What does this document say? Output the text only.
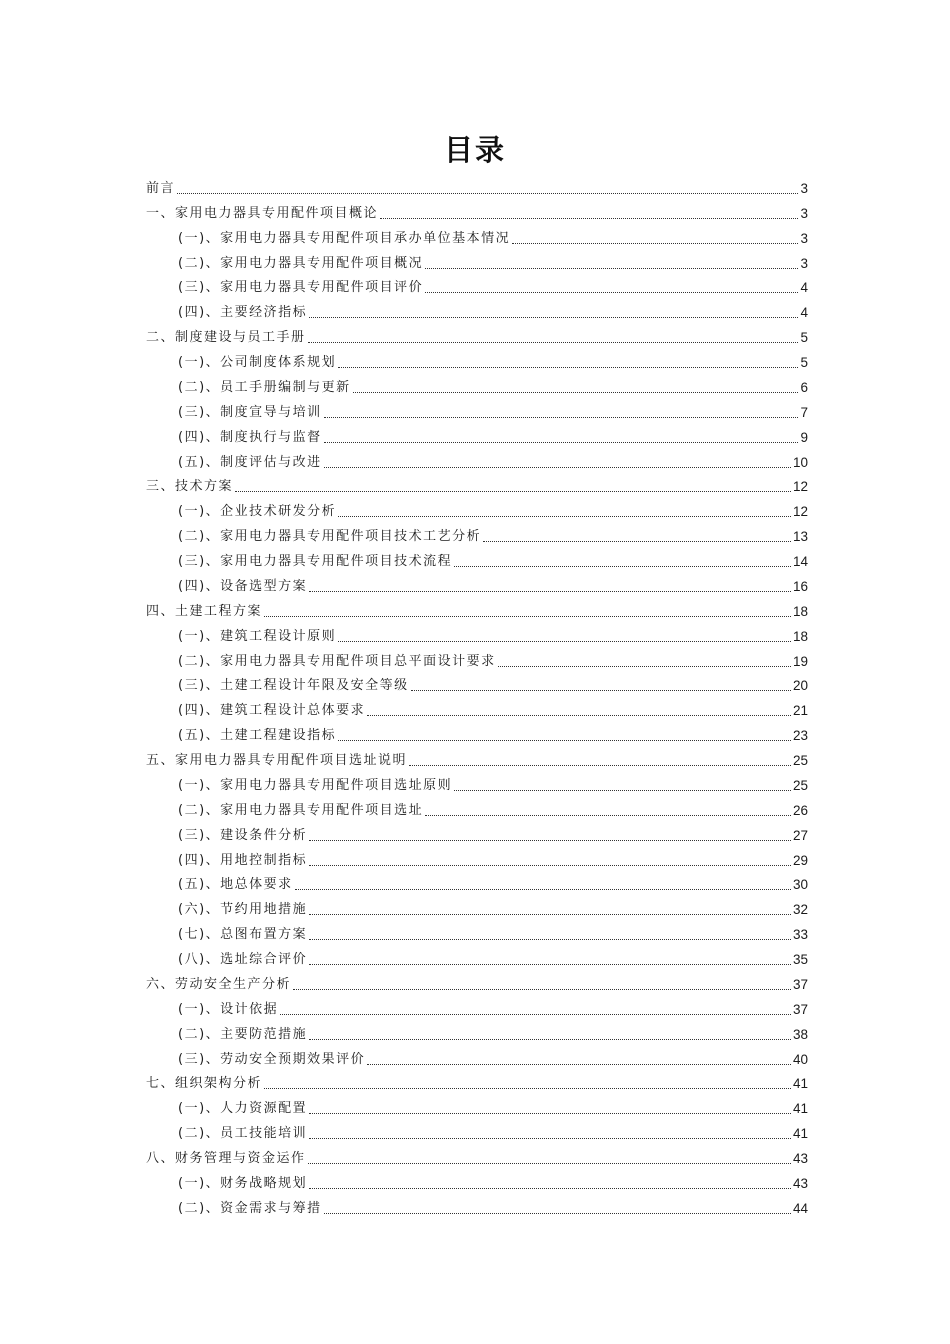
目录
前言	3
一、家用电力器具专用配件项目概论	3
(一)、家用电力器具专用配件项目承办单位基本情况	3
(二)、家用电力器具专用配件项目概况	3
(三)、家用电力器具专用配件项目评价	4
(四)、主要经济指标	4
二、制度建设与员工手册	5
(一)、公司制度体系规划	5
(二)、员工手册编制与更新	6
(三)、制度宣导与培训	7
(四)、制度执行与监督	9
(五)、制度评估与改进	10
三、技术方案	12
(一)、企业技术研发分析	12
(二)、家用电力器具专用配件项目技术工艺分析	13
(三)、家用电力器具专用配件项目技术流程	14
(四)、设备选型方案	16
四、土建工程方案	18
(一)、建筑工程设计原则	18
(二)、家用电力器具专用配件项目总平面设计要求	19
(三)、土建工程设计年限及安全等级	20
(四)、建筑工程设计总体要求	21
(五)、土建工程建设指标	23
五、家用电力器具专用配件项目选址说明	25
(一)、家用电力器具专用配件项目选址原则	25
(二)、家用电力器具专用配件项目选址	26
(三)、建设条件分析	27
(四)、用地控制指标	29
(五)、地总体要求	30
(六)、节约用地措施	32
(七)、总图布置方案	33
(八)、选址综合评价	35
六、劳动安全生产分析	37
(一)、设计依据	37
(二)、主要防范措施	38
(三)、劳动安全预期效果评价	40
七、组织架构分析	41
(一)、人力资源配置	41
(二)、员工技能培训	41
八、财务管理与资金运作	43
(一)、财务战略规划	43
(二)、资金需求与筹措	44
